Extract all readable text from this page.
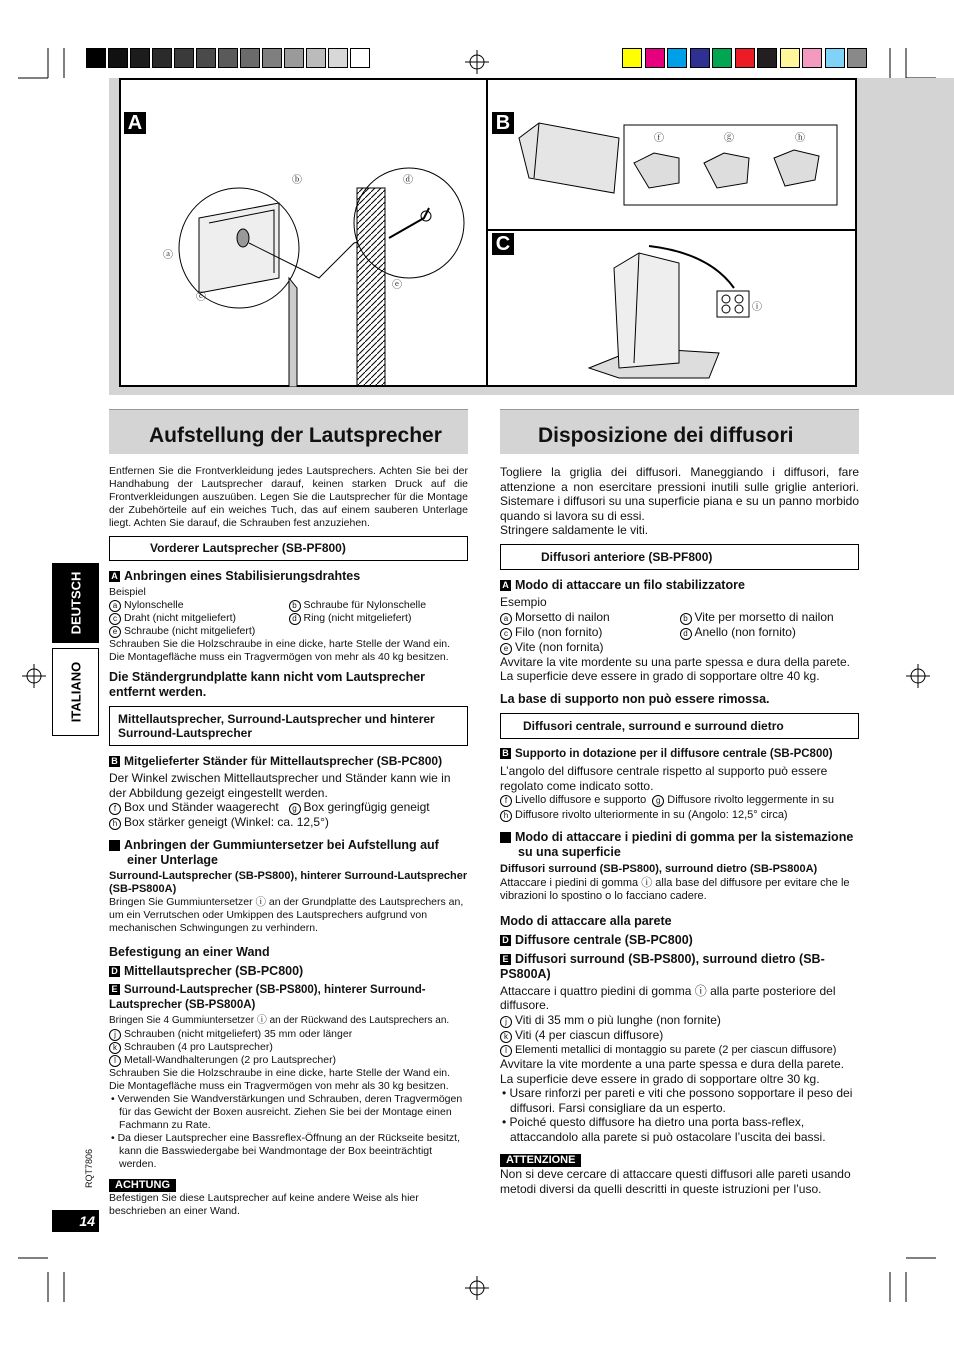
A	B
C
ⓑ	ⓓ
ⓐ
ⓒ
ⓔ
ⓕ	ⓖ	ⓗ
ⓘ
Aufstellung der Lautsprecher	Disposizione dei diffusori
DEUTSCH
ITALIANO
RQT7806
14

Entfernen Sie die Frontverkleidung jedes Lautsprechers. Achten Sie bei der Handhabung der Lautsprecher darauf, keinen starken Druck auf die Frontverkleidungen auszuüben. Legen Sie die Lautsprecher für die Montage der Zubehörteile auf ein weiches Tuch, das auf einem sauberen Unterlage liegt. Achten Sie darauf, die Schrauben fest anzuziehen.

Vorderer Lautsprecher (SB-PF800)
A Anbringen eines Stabilisierungsdrahtes

Beispiel

a Nylonschelle	b Schraube für Nylonschelle

c Draht (nicht mitgeliefert)	d Ring (nicht mitgeliefert)

e Schraube (nicht mitgeliefert)

Schrauben Sie die Holzschraube in eine dicke, harte Stelle der Wand ein. Die Montagefläche muss ein Tragvermögen von mehr als 40 kg besitzen.

Die Ständergrundplatte kann nicht vom Lautsprecher entfernt werden.
Mittellautsprecher, Surround-Lautsprecher und hinterer Surround-Lautsprecher
B Mitgelieferter Ständer für Mittellautsprecher (SB-PC800)

Der Winkel zwischen Mittellautsprecher und Ständer kann wie in der Abbildung gezeigt eingestellt werden.

f Box und Ständer waagerecht	g Box geringfügig geneigt

h Box stärker geneigt (Winkel: ca. 12,5°)

C Anbringen der Gummiuntersetzer bei Aufstellung auf einer Unterlage

Surround-Lautsprecher (SB-PS800), hinterer Surround-Lautsprecher (SB-PS800A)

Bringen Sie Gummiuntersetzer ⓘ an der Grundplatte des Lautsprechers an, um ein Verrutschen oder Umkippen des Lautsprechers aufgrund von mechanischen Schwingungen zu verhindern.

Befestigung an einer Wand
D Mittellautsprecher (SB-PC800)
E Surround-Lautsprecher (SB-PS800), hinterer Surround-Lautsprecher (SB-PS800A)

Bringen Sie 4 Gummiuntersetzer ⓘ an der Rückwand des Lautsprechers an.

j Schrauben (nicht mitgeliefert) 35 mm oder länger

k Schrauben (4 pro Lautsprecher)

l Metall-Wandhalterungen (2 pro Lautsprecher)

Schrauben Sie die Holzschraube in eine dicke, harte Stelle der Wand ein. Die Montagefläche muss ein Tragvermögen von mehr als 30 kg besitzen.

• Verwenden Sie Wandverstärkungen und Schrauben, deren Tragvermögen für das Gewicht der Boxen ausreicht. Ziehen Sie bei der Montage einen Fachmann zu Rate.

• Da dieser Lautsprecher eine Bassreflex-Öffnung an der Rückseite besitzt, kann die Basswiedergabe bei Wandmontage der Box beeinträchtigt werden.

ACHTUNG

Befestigen Sie diese Lautsprecher auf keine andere Weise als hier beschrieben an einer Wand.

Togliere la griglia dei diffusori. Maneggiando i diffusori, fare attenzione a non esercitare pressioni inutili sulle griglie anteriori. Sistemare i diffusori su una superficie piana e su un panno morbido quando si lavora su di essi.

Stringere saldamente le viti.

Diffusori anteriore (SB-PF800)
A Modo di attaccare un filo stabilizzatore

Esempio

a Morsetto di nailon	b Vite per morsetto di nailon

c Filo (non fornito)	d Anello (non fornito)

e Vite (non fornita)

Avvitare la vite mordente su una parte spessa e dura della parete.

La superficie deve essere in grado di sopportare oltre 40 kg.

La base di supporto non può essere rimossa.
Diffusori centrale, surround e surround dietro
B Supporto in dotazione per il diffusore centrale (SB-PC800)

L’angolo del diffusore centrale rispetto al supporto può essere regolato come indicato sotto.

f Livello diffusore e supporto	g Diffusore rivolto leggermente in su

h Diffusore rivolto ulteriormente in su (Angolo: 12,5° circa)

C Modo di attaccare i piedini di gomma per la sistemazione su una superficie

Diffusori surround (SB-PS800), surround dietro (SB-PS800A)

Attaccare i piedini di gomma ⓘ alla base del diffusore per evitare che le vibrazioni lo spostino o lo facciano cadere.

Modo di attaccare alla parete
D Diffusore centrale (SB-PC800)
E Diffusori surround (SB-PS800), surround dietro (SB-PS800A)

Attaccare i quattro piedini di gomma ⓘ alla parte posteriore del diffusore.

j Viti di 35 mm o più lunghe (non fornite)

k Viti (4 per ciascun diffusore)

l Elementi metallici di montaggio su parete (2 per ciascun diffusore)

Avvitare la vite mordente a una parte spessa e dura della parete.

La superficie deve essere in grado di sopportare oltre 30 kg.

• Usare rinforzi per pareti e viti che possono sopportare il peso dei diffusori. Farsi consigliare da un esperto.

• Poiché questo diffusore ha dietro una porta bass-reflex, attaccandolo alla parete si può ostacolare l’uscita dei bassi.

ATTENZIONE

Non si deve cercare di attaccare questi diffusori alle pareti usando metodi diversi da quelli descritti in queste istruzioni per l’uso.
